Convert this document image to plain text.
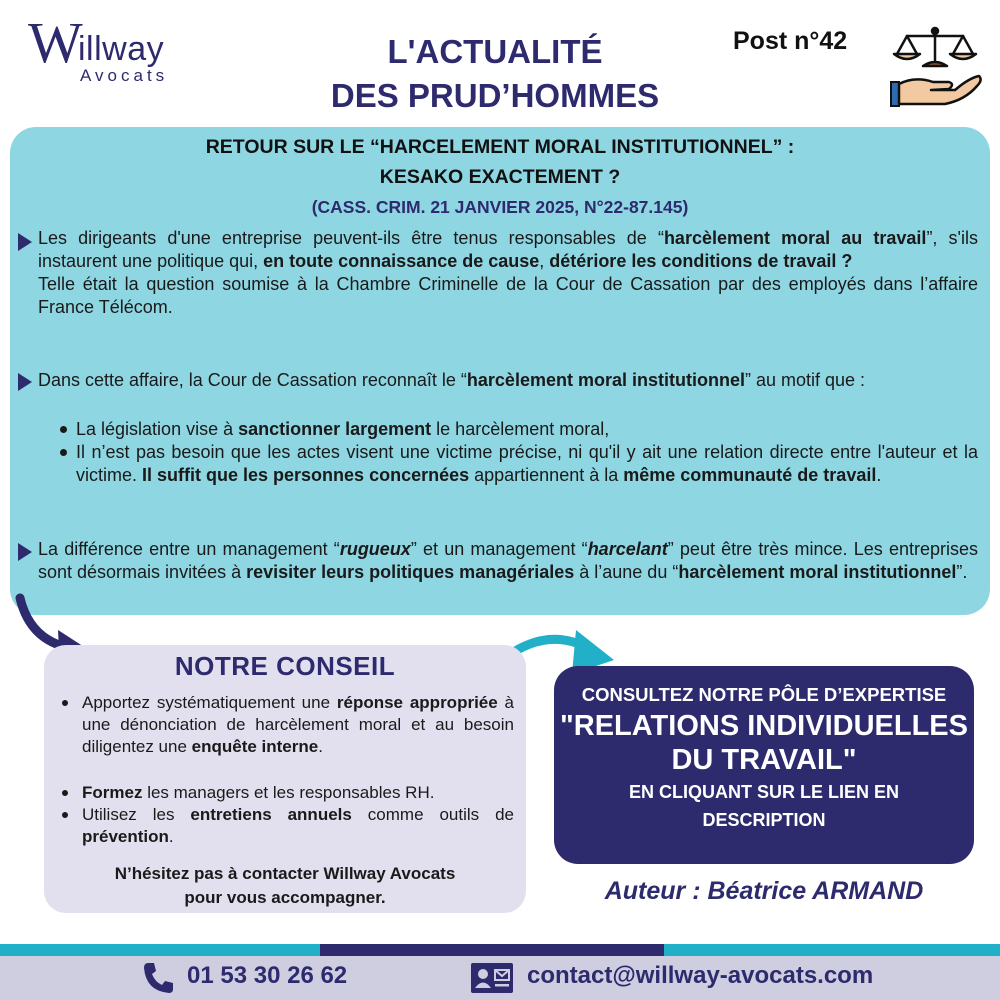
W
illway
Avocats
L'ACTUALITÉ
DES PRUD’HOMMES
Post n°42
RETOUR SUR LE “HARCELEMENT MORAL INSTITUTIONNEL” :
KESAKO EXACTEMENT ?
(CASS. CRIM. 21 JANVIER 2025, N°22-87.145)
Les dirigeants d'une entreprise peuvent-ils être tenus responsables de “harcèlement moral au travail”, s'ils instaurent une politique qui, en toute connaissance de cause, détériore les conditions de travail ?
Telle était la question soumise à la Chambre Criminelle de la Cour de Cassation par des employés dans l’affaire France Télécom.
Dans cette affaire, la Cour de Cassation reconnaît le “harcèlement moral institutionnel” au motif que :
La législation vise à sanctionner largement le harcèlement moral,
Il n’est pas besoin que les actes visent une victime précise, ni qu'il y ait une relation directe entre l'auteur et la victime. Il suffit que les personnes concernées appartiennent à la même communauté de travail.
La différence entre un management “rugueux” et un management “harcelant” peut être très mince. Les entreprises sont désormais invitées à revisiter leurs politiques managériales à l’aune du “harcèlement moral institutionnel”.
NOTRE CONSEIL
Apportez systématiquement une réponse appropriée à une dénonciation de harcèlement moral et au besoin diligentez une enquête interne.
Formez les managers et les responsables RH.
Utilisez les entretiens annuels comme outils de prévention.
N’hésitez pas à contacter Willway Avocats
pour vous accompagner.
CONSULTEZ NOTRE PÔLE D’EXPERTISE
"RELATIONS INDIVIDUELLES
DU TRAVAIL"
EN CLIQUANT SUR LE LIEN EN
DESCRIPTION
Auteur : Béatrice ARMAND
01 53 30 26 62	contact@willway-avocats.com
